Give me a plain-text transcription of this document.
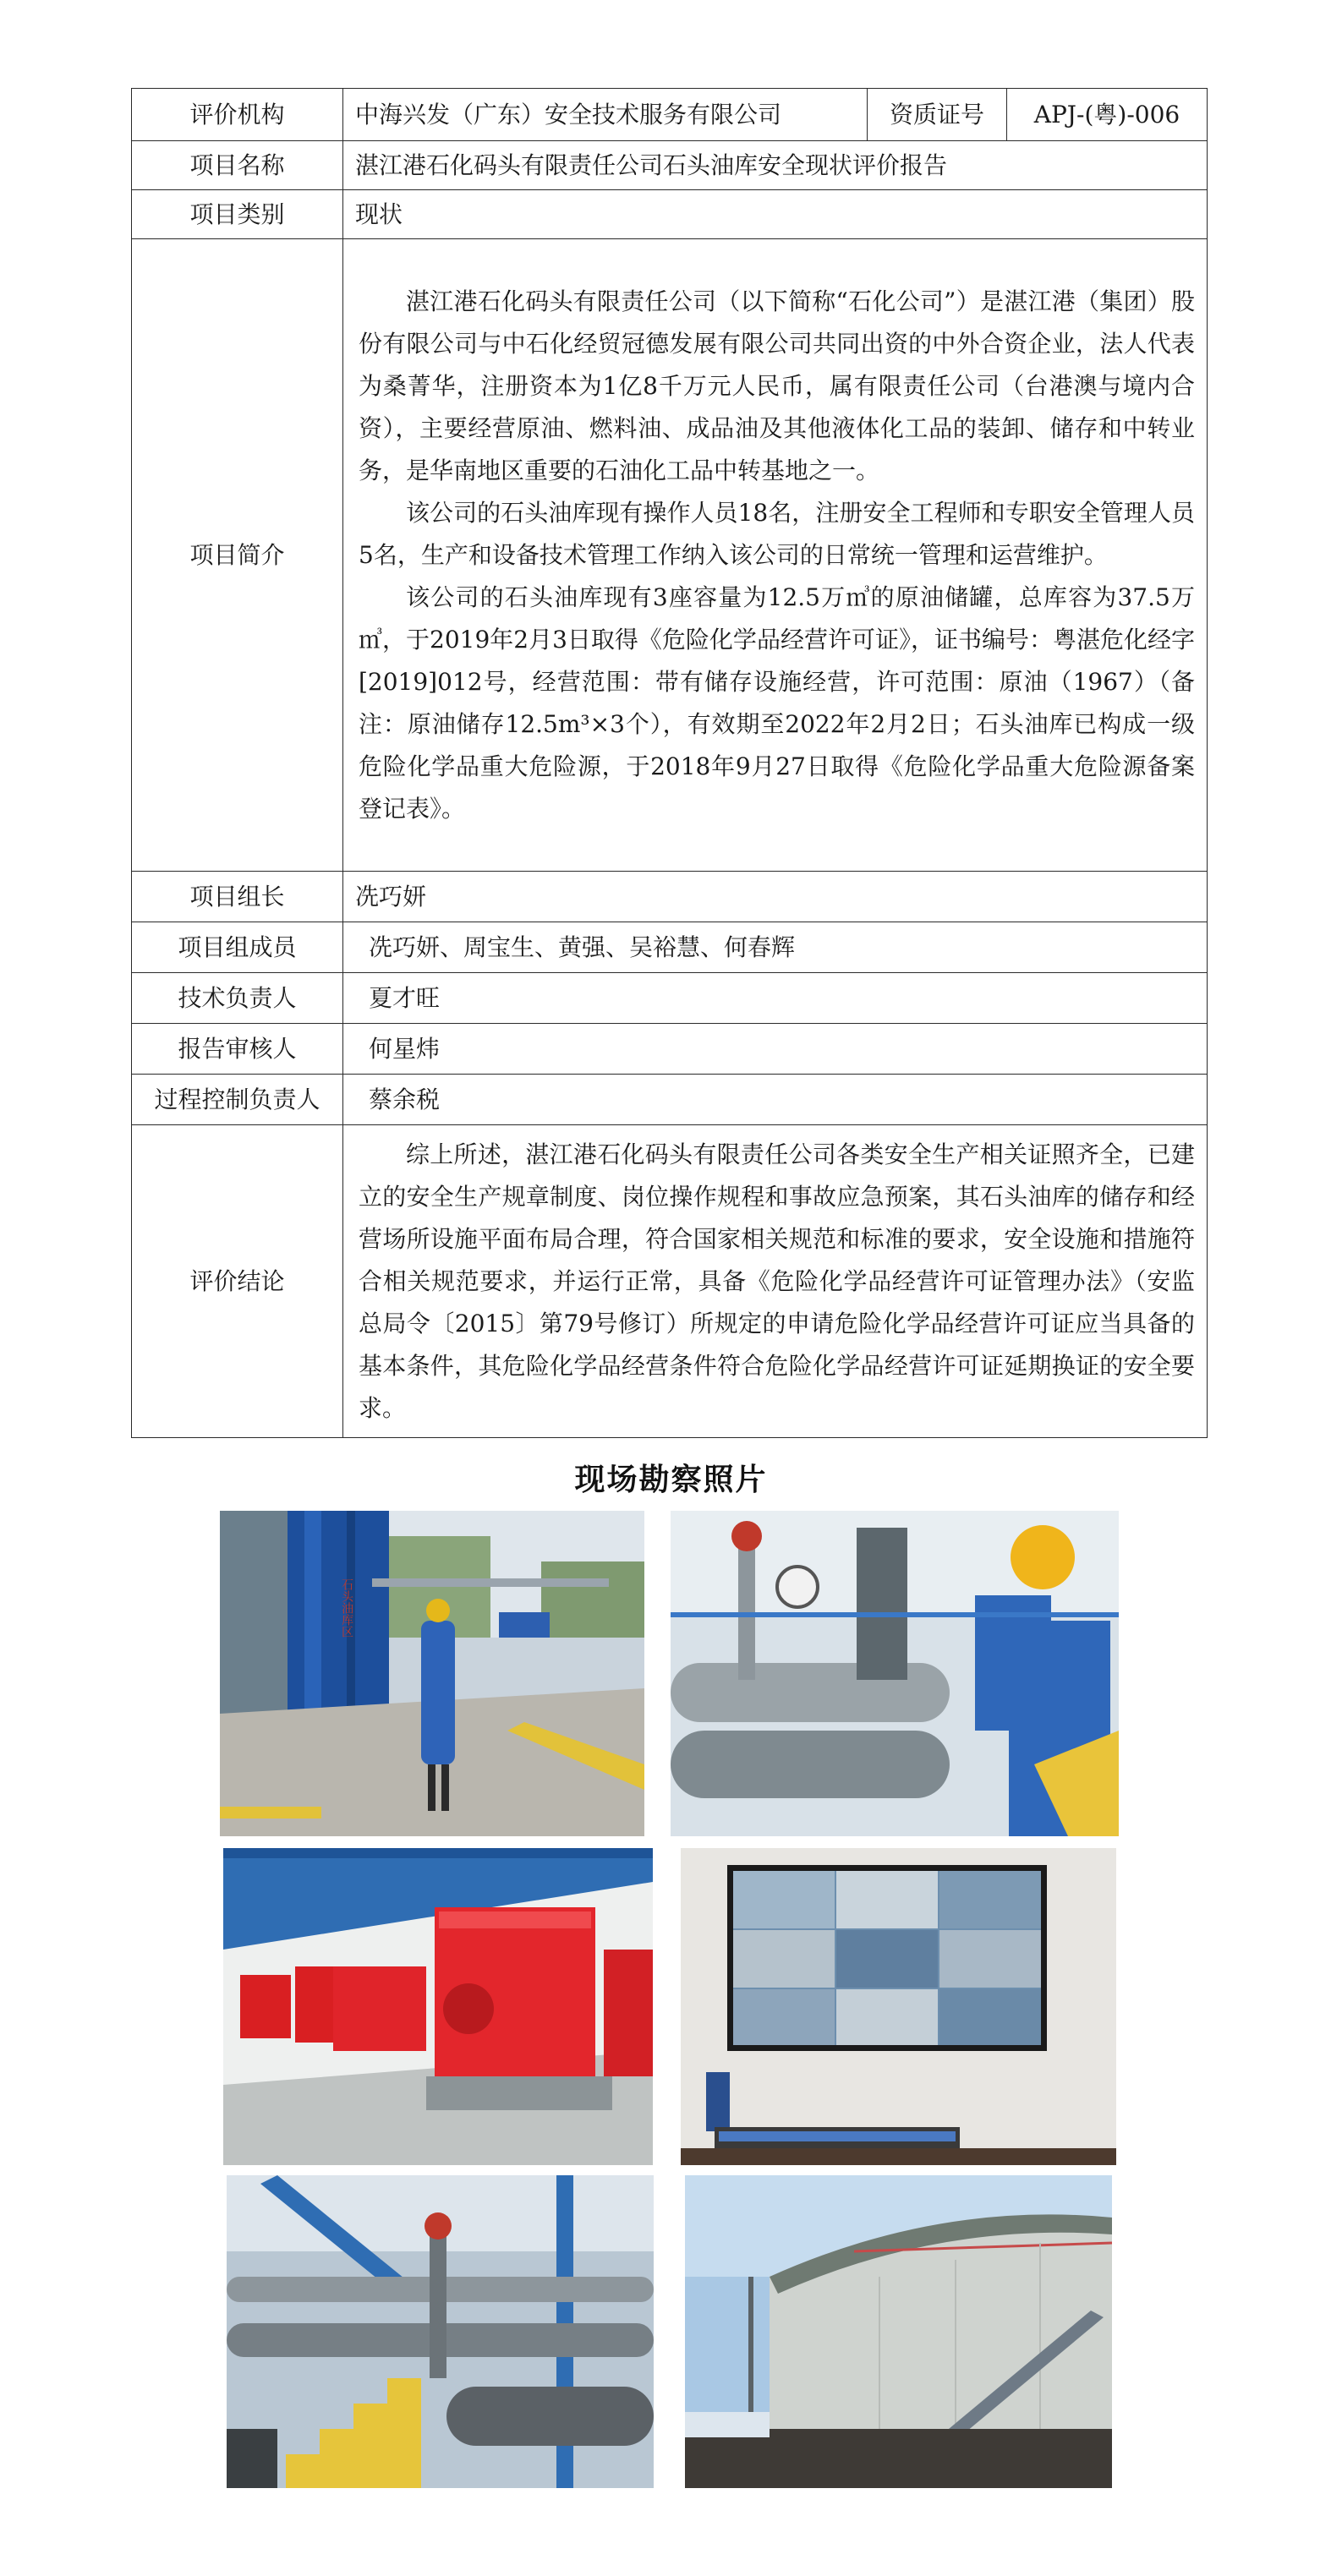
评价机构	中海兴发（广东）安全技术服务有限公司	资质证号	APJ-(粤)-006
项目名称	湛江港石化码头有限责任公司石头油库安全现状评价报告		
项目类别	现状		
项目简介	湛江港石化码头有限责任公司（以下简称“石化公司”）是湛江港（集团）股份有限公司与中石化经贸冠德发展有限公司共同出资的中外合资企业，法人代表为桑菁华，注册资本为1亿8千万元人民币，属有限责任公司（台港澳与境内合资），主要经营原油、燃料油、成品油及其他液体化工品的装卸、储存和中转业务，是华南地区重要的石油化工品中转基地之一。

该公司的石头油库现有操作人员18名，注册安全工程师和专职安全管理人员5名，生产和设备技术管理工作纳入该公司的日常统一管理和运营维护。

该公司的石头油库现有3座容量为12.5万㎥的原油储罐，总库容为37.5万㎥，于2019年2月3日取得《危险化学品经营许可证》，证书编号：粤湛危化经字[2019]012号，经营范围：带有储存设施经营，许可范围：原油（1967）（备注：原油储存12.5m³×3个），有效期至2022年2月2日；石头油库已构成一级危险化学品重大危险源，于2018年9月27日取得《危险化学品重大危险源备案登记表》。		

项目组长	冼巧妍		
项目组成员	冼巧妍、周宝生、黄强、吴裕慧、何春辉		
技术负责人	夏才旺		
报告审核人	何星炜		
过程控制负责人	蔡余税		
评价结论	综上所述，湛江港石化码头有限责任公司各类安全生产相关证照齐全，已建立的安全生产规章制度、岗位操作规程和事故应急预案，其石头油库的储存和经营场所设施平面布局合理，符合国家相关规范和标准的要求，安全设施和措施符合相关规范要求，并运行正常，具备《危险化学品经营许可证管理办法》（安监总局令〔2015〕第79号修订）所规定的申请危险化学品经营许可证应当具备的基本条件，其危险化学品经营条件符合危险化学品经营许可证延期换证的安全要求。		

现场勘察照片
石头油库区
